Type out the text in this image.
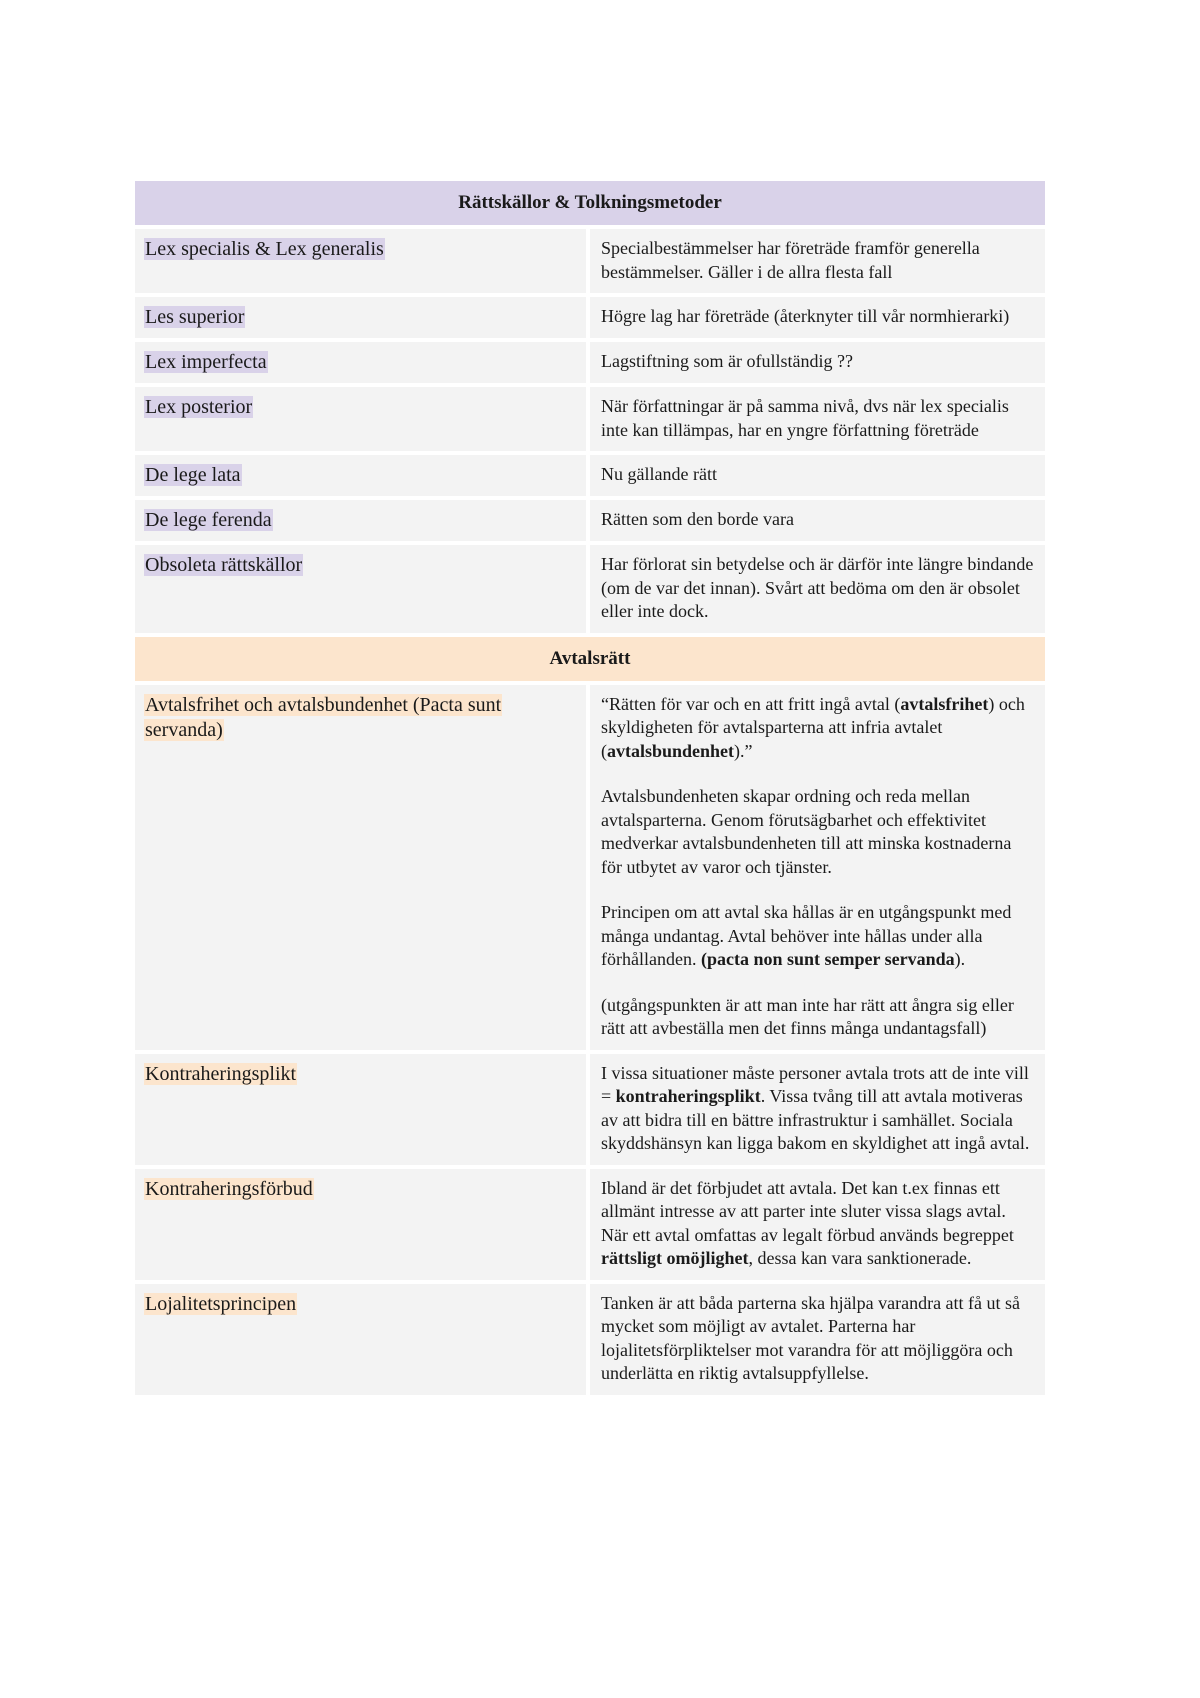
Rättskällor & Tolkningsmetoder	
Lex specialis & Lex generalis	Specialbestämmelser har företräde framför generella bestämmelser. Gäller i de allra flesta fall

Les superior	Högre lag har företräde (återknyter till vår normhierarki)

Lex imperfecta	Lagstiftning som är ofullständig ??

Lex posterior	När författningar är på samma nivå, dvs när lex specialis inte kan tillämpas, har en yngre författning företräde

De lege lata	Nu gällande rätt

De lege ferenda	Rätten som den borde vara

Obsoleta rättskällor	Har förlorat sin betydelse och är därför inte längre bindande (om de var det innan). Svårt att bedöma om den är obsolet eller inte dock.

Avtalsrätt	
Avtalsfrihet och avtalsbundenhet (Pacta sunt servanda)	“Rätten för var och en att fritt ingå avtal (avtalsfrihet) och skyldigheten för avtalsparterna att infria avtalet (avtalsbundenhet).”

Avtalsbundenheten skapar ordning och reda mellan avtalsparterna. Genom förutsägbarhet och effektivitet medverkar avtalsbundenheten till att minska kostnaderna för utbytet av varor och tjänster.

Principen om att avtal ska hållas är en utgångspunkt med många undantag. Avtal behöver inte hållas under alla förhållanden. (pacta non sunt semper servanda).

(utgångspunkten är att man inte har rätt att ångra sig eller rätt att avbeställa men det finns många undantagsfall)

Kontraheringsplikt	I vissa situationer måste personer avtala trots att de inte vill = kontraheringsplikt. Vissa tvång till att avtala motiveras av att bidra till en bättre infrastruktur i samhället. Sociala skyddshänsyn kan ligga bakom en skyldighet att ingå avtal.

Kontraheringsförbud	Ibland är det förbjudet att avtala. Det kan t.ex finnas ett allmänt intresse av att parter inte sluter vissa slags avtal. När ett avtal omfattas av legalt förbud används begreppet rättsligt omöjlighet, dessa kan vara sanktionerade.

Lojalitetsprincipen	Tanken är att båda parterna ska hjälpa varandra att få ut så mycket som möjligt av avtalet. Parterna har lojalitetsförpliktelser mot varandra för att möjliggöra och underlätta en riktig avtalsuppfyllelse.
